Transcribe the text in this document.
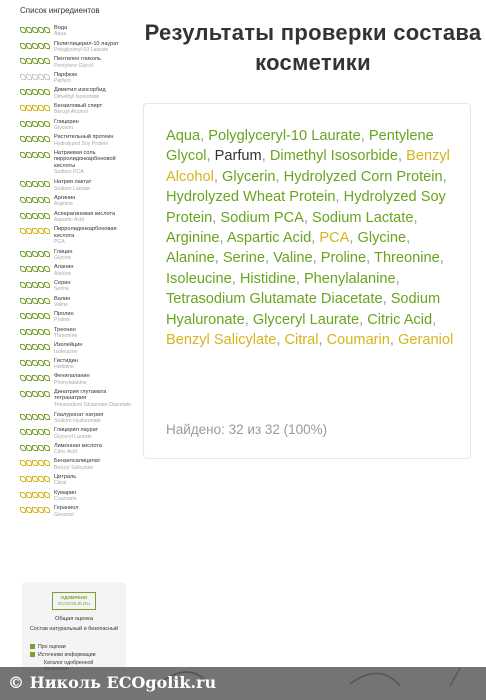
Список ингредиентов
Вода
Aqua
Полиглицерил-10 лаурат
Polyglyceryl-10 Laurate
Пентилен гликоль
Pentylene Glycol
Парфюм
Parfum
Диметил изосорбид
Dimethyl Isosorbide
Бензиловый спирт
Benzyl Alcohol
Глицерин
Glycerin
Растительный протеин
Hydrolyzed Soy Protein
Натриевая соль пирролидонкарбоновой кислоты
Sodium PCA
Натрия лактат
Sodium Lactate
Аргинин
Arginine
Аспарагиновая кислота
Aspartic Acid
Пирролидонкарбоновая кислота
PCA
Глицин
Glycine
Аланин
Alanine
Серин
Serine
Валин
Valine
Пролин
Proline
Треонин
Threonine
Изолейцин
Isoleucine
Гистидин
Histidine
Фенилаланин
Phenylalanine
Динатрия глутамата тетранатрия
Tetrasodium Glutamate Diacetate
Гиалуронат натрия
Sodium Hyaluronate
Глицерил лаурат
Glyceryl Laurate
Лимонная кислота
Citric Acid
Бензилсалицилат
Benzyl Salicylate
Цитраль
Citral
Кумарин
Coumarin
Гераниол
Geraniol
ОДОБРЕНО
ECOGOLIK.RU
Общая оценка
Состав натуральный и безопасный
Про оценки
Источники информации
Каталог одобренной
Результаты проверки состава косметики
Aqua, Polyglyceryl-10 Laurate, Pentylene Glycol, Parfum, Dimethyl Isosorbide, Benzyl Alcohol, Glycerin, Hydrolyzed Corn Protein, Hydrolyzed Wheat Protein, Hydrolyzed Soy Protein, Sodium PCA, Sodium Lactate, Arginine, Aspartic Acid, PCA, Glycine, Alanine, Serine, Valine, Proline, Threonine, Isoleucine, Histidine, Phenylalanine, Tetrasodium Glutamate Diacetate, Sodium Hyaluronate, Glyceryl Laurate, Citric Acid, Benzyl Salicylate, Citral, Coumarin, Geraniol
Найдено: 32 из 32 (100%)
© Николь ECOgolik.ru
